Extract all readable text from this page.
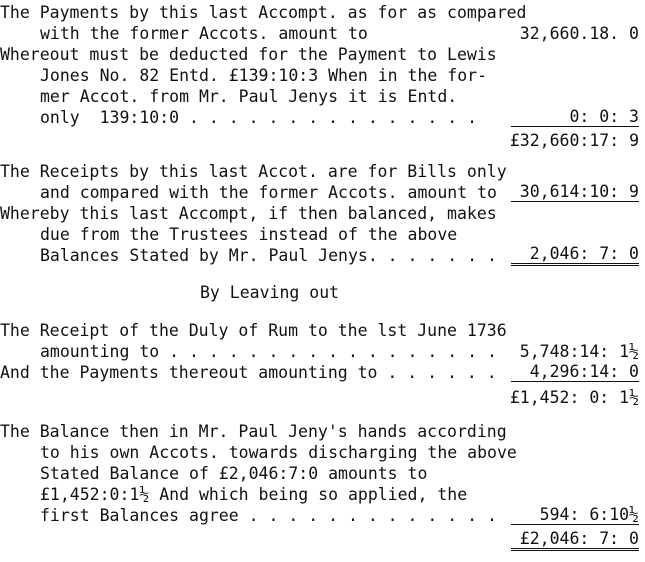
The Payments by this last Accompt. as for as compared
with the former Accots. amount to	32,660.18. 0
Whereout must be deducted for the Payment to Lewis
Jones No. 82 Entd. £139:10:3 When in the for-
mer Accot. from Mr. Paul Jenys it is Entd.
only  139:10:0 . . . . . . . . . . . . . . .	0: 0: 3
£32,660:17: 9
The Receipts by this last Accot. are for Bills only
and compared with the former Accots. amount to	30,614:10: 9
Whereby this last Accompt, if then balanced, makes
due from the Trustees instead of the above
Balances Stated by Mr. Paul Jenys. . . . . . .	2,046: 7: 0
By Leaving out
The Receipt of the Duly of Rum to the lst June 1736
amounting to . . . . . . . . . . . . . . . . . 5,748:14: 1½
And the Payments thereout amounting to . . . . . .	4,296:14: 0
£1,452: 0: 1½
The Balance then in Mr. Paul Jeny's hands according
to his own Accots. towards discharging the above
Stated Balance of £2,046:7:0 amounts to
£1,452:0:1½ And which being so applied, the
first Balances agree . . . . . . . . . . . . .	594: 6:10½
£2,046: 7: 0
